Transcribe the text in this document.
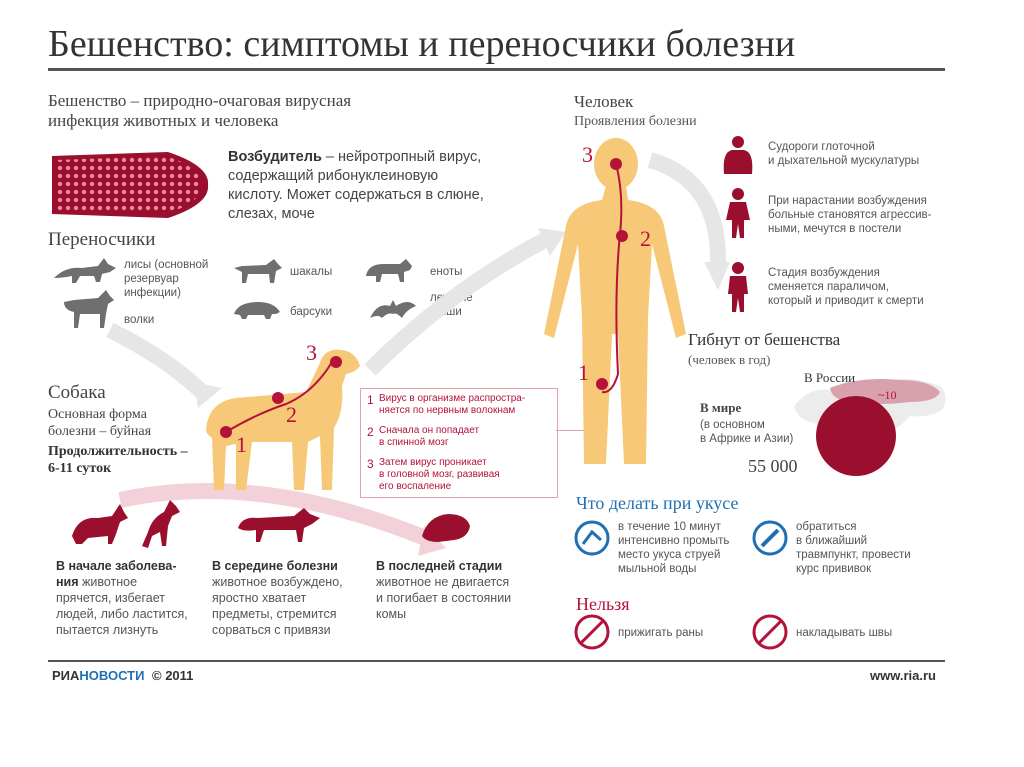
Бешенство: симптомы и переносчики болезни
Бешенство – природно-очаговая вирусная
инфекция животных и человека
Возбудитель – нейротропный вирус,
содержащий рибонуклеиновую
кислоту. Может содержаться в слюне,
слезах, моче
Переносчики
лисы (основной
резервуар
инфекции)
волки
шакалы
барсуки
еноты
летучие
мыши
Собака
Основная форма
болезни – буйная
Продолжительность –
6-11 суток
1
2
3
1 Вирус в организме распростра-
няется по нервным волокнам
2 Сначала он попадает
в спинной мозг
3 Затем вирус проникает
в головной мозг, развивая
его воспаление
В начале заболева-
ния животное
прячется, избегает
людей, либо ластится,
пытается лизнуть
В середине болезни
животное возбуждено,
яростно хватает
предметы, стремится
сорваться с привязи
В последней стадии
животное не двигается
и погибает в состоянии
комы
Человек
Проявления болезни
3
2
1
Судороги глоточной
и дыхательной мускулатуры
При нарастании возбуждения
больные становятся агрессив-
ными, мечутся в постели
Стадия возбуждения
сменяется параличом,
который и приводит к смерти
Гибнут от бешенства
(человек в год)
В России
~10
В мире
(в основном
в Африке и Азии)
55 000
Что делать при укусе
в течение 10 минут
интенсивно промыть
место укуса струей
мыльной воды
обратиться
в ближайший
травмпункт, провести
курс прививок
Нельзя
прижигать раны	накладывать швы
РИАНОВОСТИ © 2011	www.ria.ru
